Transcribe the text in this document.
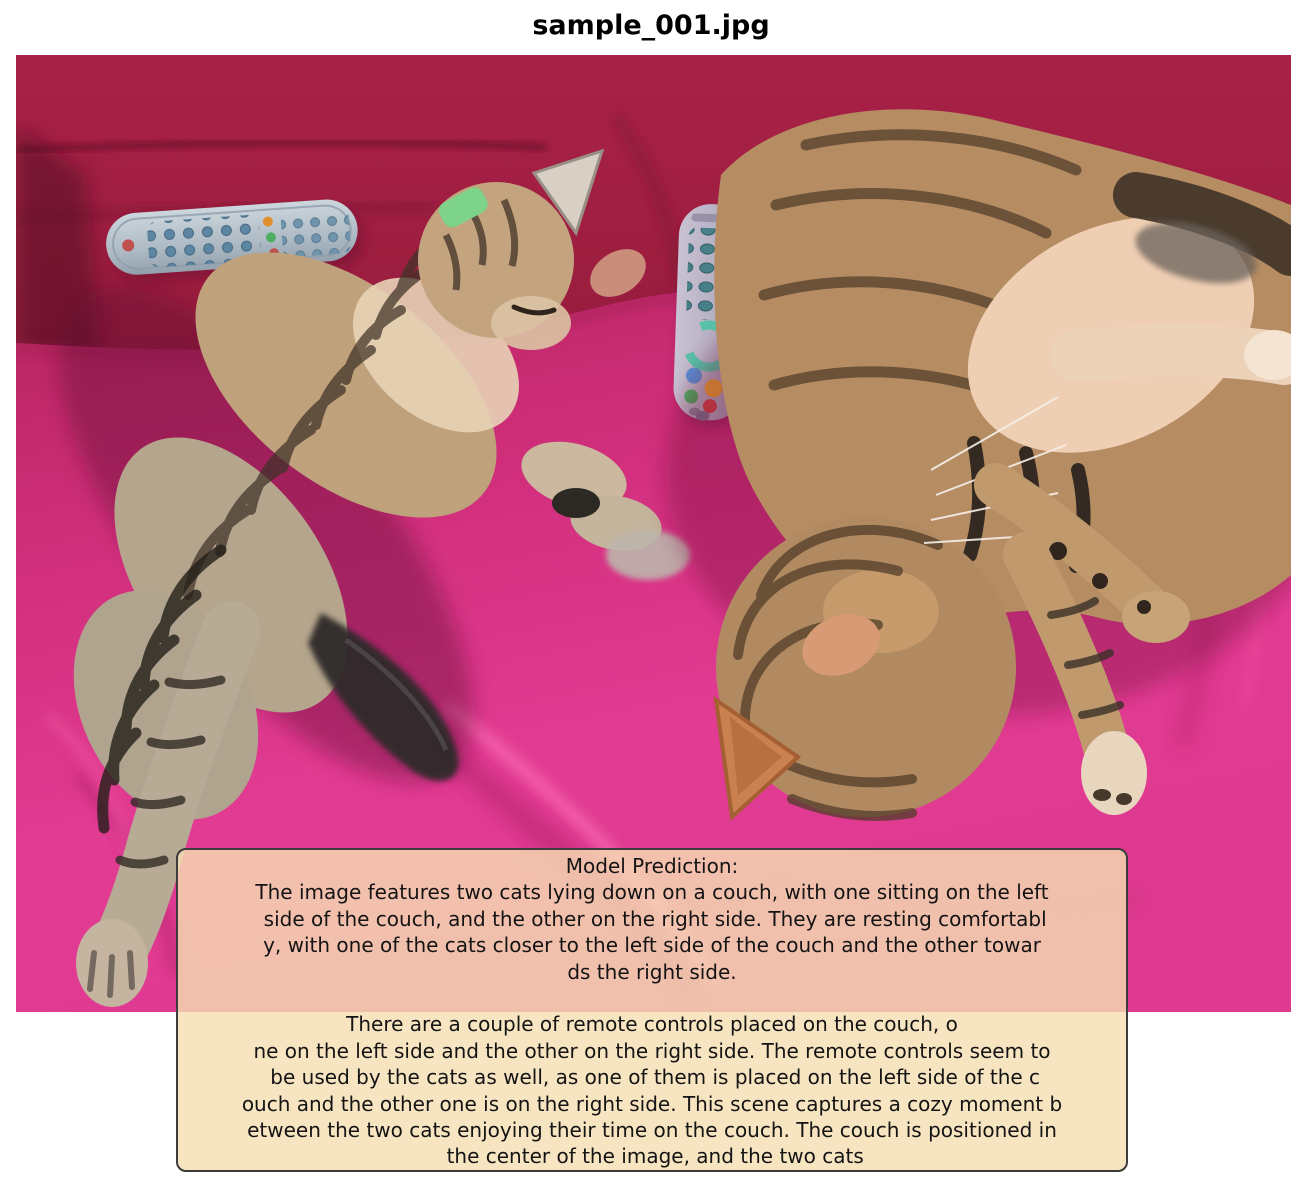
sample_001.jpg
Model Prediction:
The image features two cats lying down on a couch, with one sitting on the left
side of the couch, and the other on the right side. They are resting comfortabl
y, with one of the cats closer to the left side of the couch and the other towar
ds the right side.
There are a couple of remote controls placed on the couch, o
ne on the left side and the other on the right side. The remote controls seem to
be used by the cats as well, as one of them is placed on the left side of the c
ouch and the other one is on the right side. This scene captures a cozy moment b
etween the two cats enjoying their time on the couch. The couch is positioned in
the center of the image, and the two cats
